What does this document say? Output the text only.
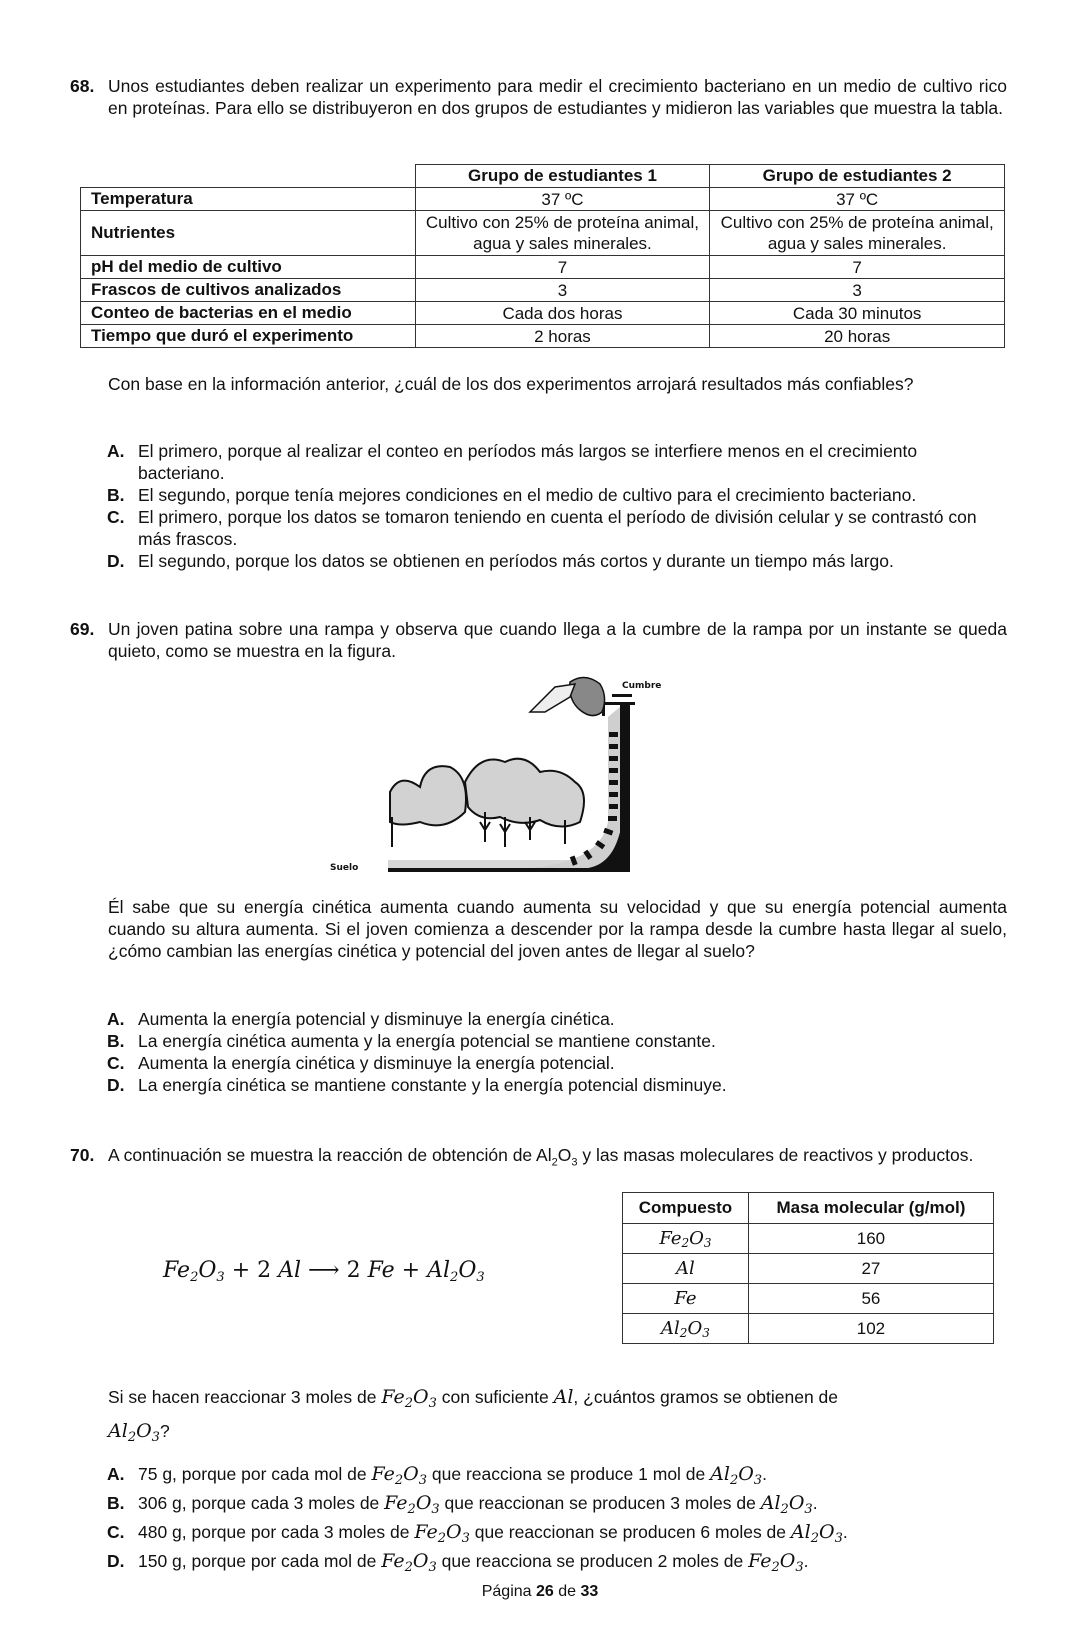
68. Unos estudiantes deben realizar un experimento para medir el crecimiento bacteriano en un medio de cultivo rico en proteínas. Para ello se distribuyeron en dos grupos de estudiantes y midieron las variables que muestra la tabla.
	Grupo de estudiantes 1	Grupo de estudiantes 2
Temperatura	37 ºC	37 ºC
Nutrientes	Cultivo con 25% de proteína animal, agua y sales minerales.	Cultivo con 25% de proteína animal, agua y sales minerales.
pH del medio de cultivo	7	7
Frascos de cultivos analizados	3	3
Conteo de bacterias en el medio	Cada dos horas	Cada 30 minutos
Tiempo que duró el experimento	2 horas	20 horas
Con base en la información anterior, ¿cuál de los dos experimentos arrojará resultados más confiables?
A. El primero, porque al realizar el conteo en períodos más largos se interfiere menos en el crecimiento bacteriano.
B. El segundo, porque tenía mejores condiciones en el medio de cultivo para el crecimiento bacteriano.
C. El primero, porque los datos se tomaron teniendo en cuenta el período de división celular y se contrastó con más frascos.
D. El segundo, porque los datos se obtienen en períodos más cortos y durante un tiempo más largo.
69. Un joven patina sobre una rampa y observa que cuando llega a la cumbre de la rampa por un instante se queda quieto, como se muestra en la figura.
Cumbre
Suelo
Él sabe que su energía cinética aumenta cuando aumenta su velocidad y que su energía potencial aumenta cuando su altura aumenta. Si el joven comienza a descender por la rampa desde la cumbre hasta llegar al suelo, ¿cómo cambian las energías cinética y potencial del joven antes de llegar al suelo?
A. Aumenta la energía potencial y disminuye la energía cinética.
B. La energía cinética aumenta y la energía potencial se mantiene constante.
C. Aumenta la energía cinética y disminuye la energía potencial.
D. La energía cinética se mantiene constante y la energía potencial disminuye.
70. A continuación se muestra la reacción de obtención de $Al_2O_3$ y las masas moleculares de reactivos y productos.
$Fe_2O_3 + 2$ Al ⟶ 2 $Fe + Al_2O_3$
Compuesto	Masa molecular (g/mol)
$Fe_2O_3$	160
Al	27
Fe	56
$Al_2O_3$	102
Si se hacen reaccionar 3 moles de $Fe_2O_3$ con suficiente Al, ¿cuántos gramos se obtienen de
$Al_2O_3$?
A. 75 g, porque por cada mol de $Fe_2O_3$ que reacciona se produce 1 mol de $Al_2O_3$.
B. 306 g, porque cada 3 moles de $Fe_2O_3$ que reaccionan se producen 3 moles de $Al_2O_3$.
C. 480 g, porque por cada 3 moles de $Fe_2O_3$ que reaccionan se producen 6 moles de $Al_2O_3$.
D. 150 g, porque por cada mol de $Fe_2O_3$ que reacciona se producen 2 moles de $Fe_2O_3$.
Página 26 de 33
